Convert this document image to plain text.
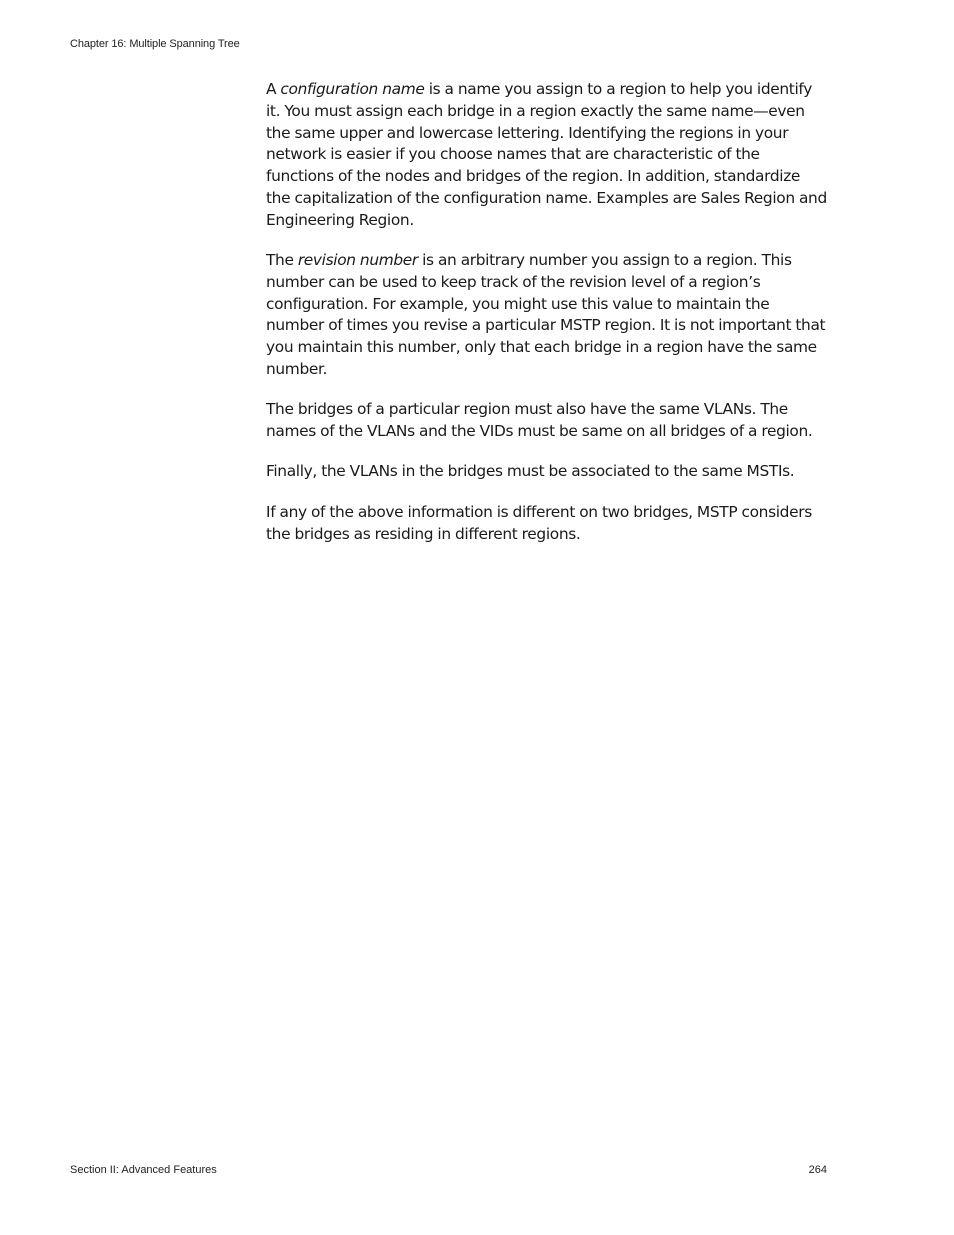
Chapter 16: Multiple Spanning Tree

A configuration name is a name you assign to a region to help you identify it. You must assign each bridge in a region exactly the same name—even the same upper and lowercase lettering. Identifying the regions in your network is easier if you choose names that are characteristic of the functions of the nodes and bridges of the region. In addition, standardize the capitalization of the configuration name. Examples are Sales Region and Engineering Region.

The revision number is an arbitrary number you assign to a region. This number can be used to keep track of the revision level of a region’s configuration. For example, you might use this value to maintain the number of times you revise a particular MSTP region. It is not important that you maintain this number, only that each bridge in a region have the same number.

The bridges of a particular region must also have the same VLANs. The names of the VLANs and the VIDs must be same on all bridges of a region.

Finally, the VLANs in the bridges must be associated to the same MSTIs.

If any of the above information is different on two bridges, MSTP considers the bridges as residing in different regions.

Section II: Advanced Features	264
